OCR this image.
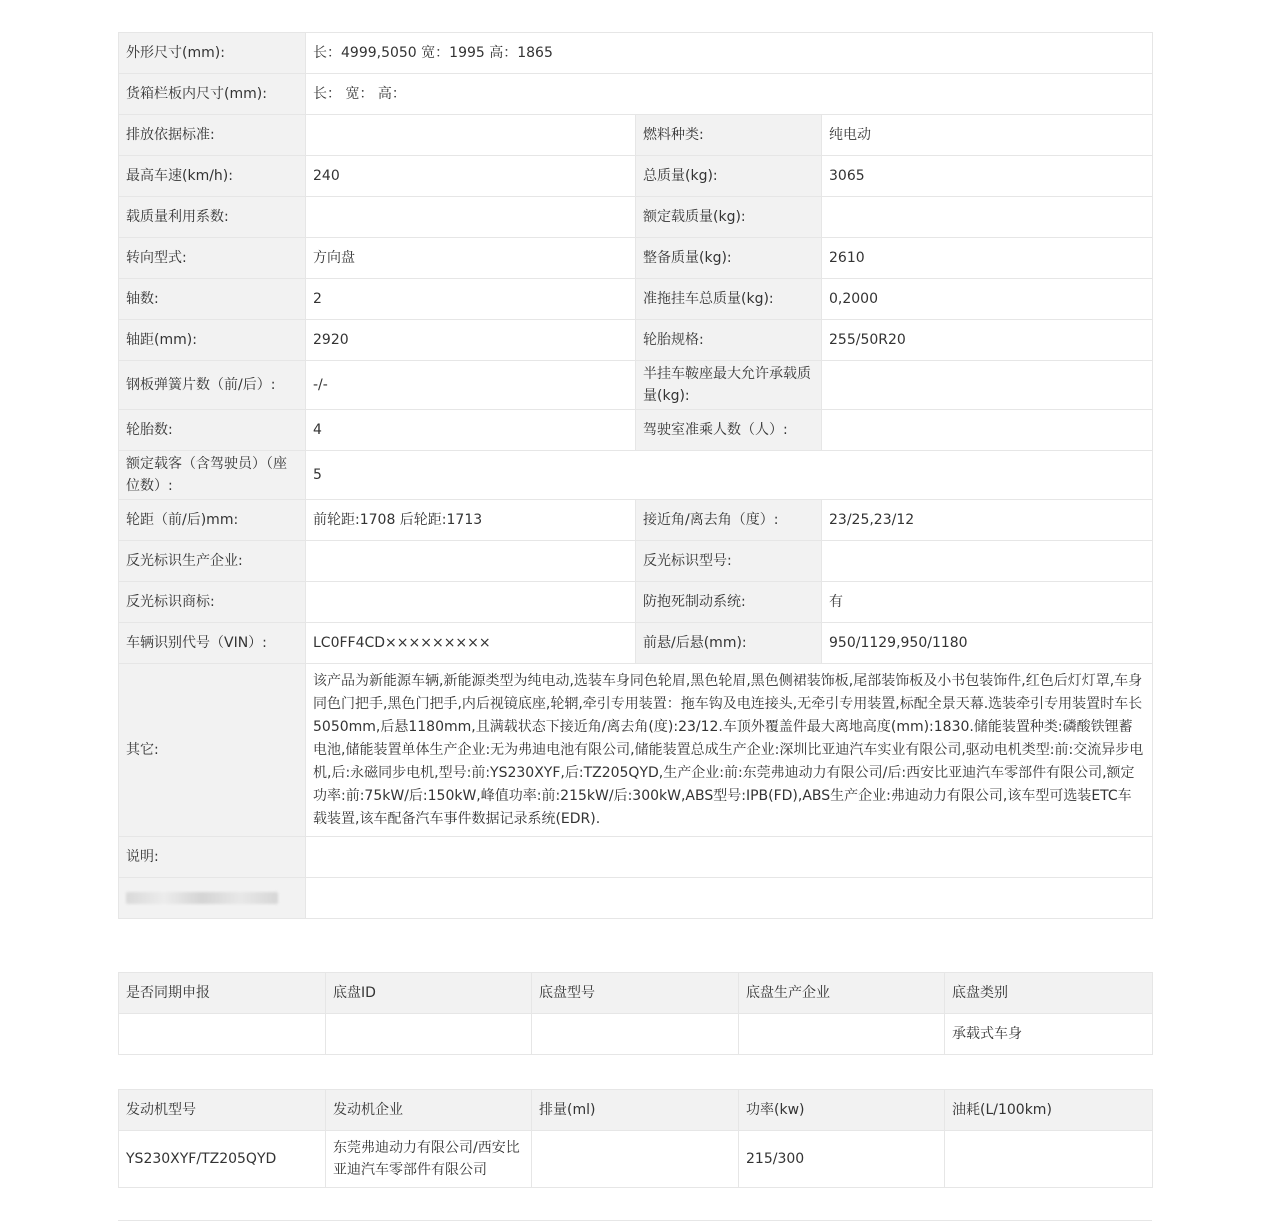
外形尺寸(mm):	长：4999,5050 宽：1995 高：1865		
货箱栏板内尺寸(mm):	长： 宽： 高：		
排放依据标准:		燃料种类:	纯电动
最高车速(km/h):	240	总质量(kg):	3065
载质量利用系数:		额定载质量(kg):	
转向型式:	方向盘	整备质量(kg):	2610
轴数:	2	准拖挂车总质量(kg):	0,2000
轴距(mm):	2920	轮胎规格:	255/50R20
钢板弹簧片数（前/后）:	-/-	半挂车鞍座最大允许承载质量(kg):	
轮胎数:	4	驾驶室准乘人数（人）:	
额定载客（含驾驶员）（座位数）:	5		
轮距（前/后)mm:	前轮距:1708 后轮距:1713	接近角/离去角（度）:	23/25,23/12
反光标识生产企业:		反光标识型号:	
反光标识商标:		防抱死制动系统:	有
车辆识别代号（VIN）:	LC0FF4CD×××××××××	前悬/后悬(mm):	950/1129,950/1180
其它:	该产品为新能源车辆,新能源类型为纯电动,选装车身同色轮眉,黑色轮眉,黑色侧裙装饰板,尾部装饰板及小书包装饰件,红色后灯灯罩,车身同色门把手,黑色门把手,内后视镜底座,轮辋,牵引专用装置：拖车钩及电连接头,无牵引专用装置,标配全景天幕.选装牵引专用装置时车长5050mm,后悬1180mm,且满载状态下接近角/离去角(度):23/12.车顶外覆盖件最大离地高度(mm):1830.储能装置种类:磷酸铁锂蓄电池,储能装置单体生产企业:无为弗迪电池有限公司,储能装置总成生产企业:深圳比亚迪汽车实业有限公司,驱动电机类型:前:交流异步电机,后:永磁同步电机,型号:前:YS230XYF,后:TZ205QYD,生产企业:前:东莞弗迪动力有限公司/后:西安比亚迪汽车零部件有限公司,额定功率:前:75kW/后:150kW,峰值功率:前:215kW/后:300kW,ABS型号:IPB(FD),ABS生产企业:弗迪动力有限公司,该车型可选装ETC车载装置,该车配备汽车事件数据记录系统(EDR).		
说明:			

是否同期申报	底盘ID	底盘型号	底盘生产企业	底盘类别
				承载式车身
发动机型号	发动机企业	排量(ml)	功率(kw)	油耗(L/100km)
YS230XYF/TZ205QYD	东莞弗迪动力有限公司/西安比亚迪汽车零部件有限公司		215/300	
